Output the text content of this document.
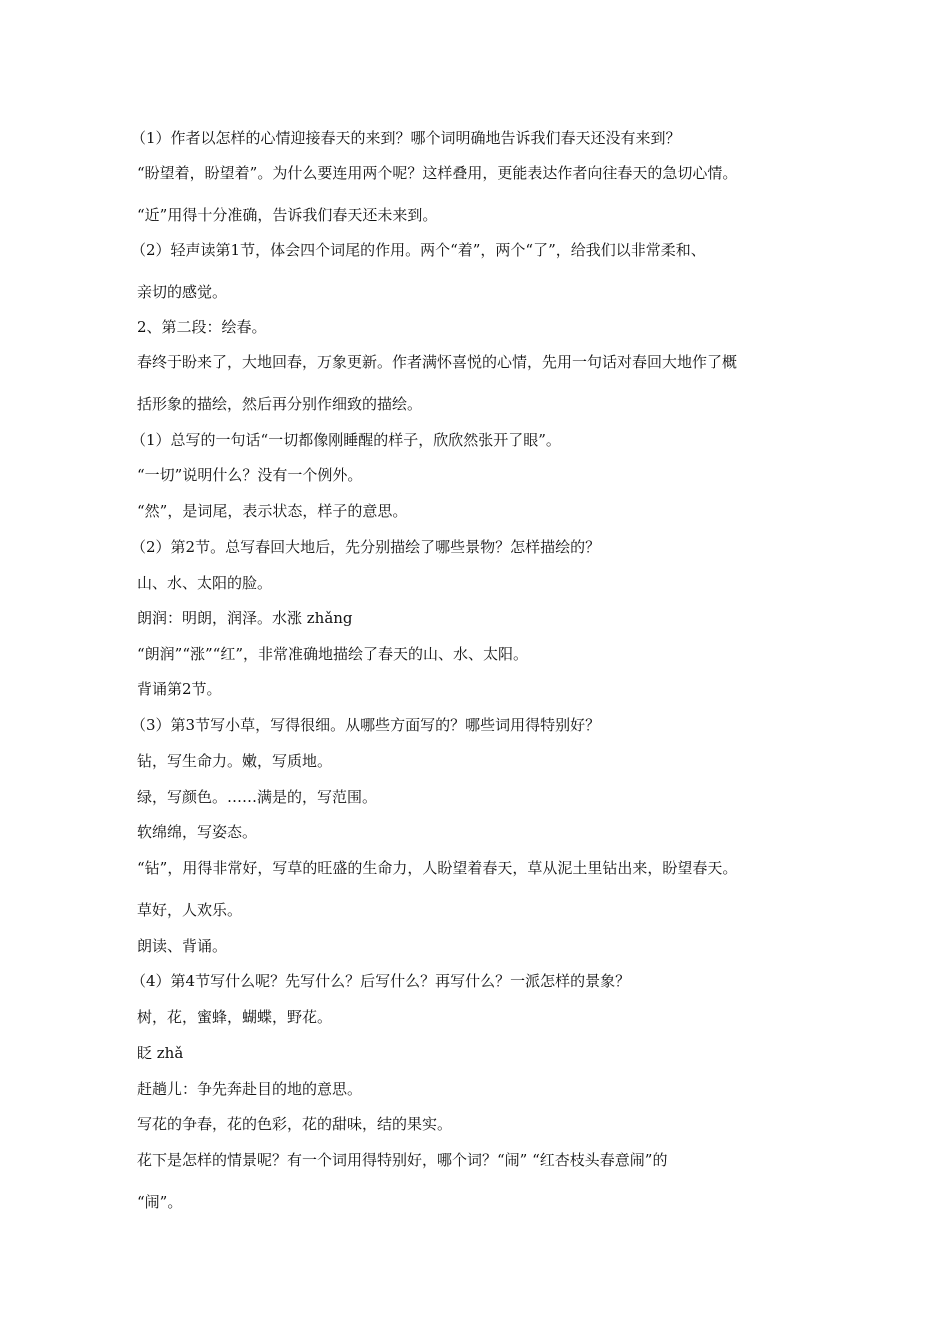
（1）作者以怎样的心情迎接春天的来到？哪个词明确地告诉我们春天还没有来到？
“盼望着，盼望着”。为什么要连用两个呢？这样叠用，更能表达作者向往春天的急切心情。
“近”用得十分准确，告诉我们春天还未来到。
（2）轻声读第1节，体会四个词尾的作用。两个“着”，两个“了”，给我们以非常柔和、
亲切的感觉。
2、第二段：绘春。
春终于盼来了，大地回春，万象更新。作者满怀喜悦的心情，先用一句话对春回大地作了概
括形象的描绘，然后再分别作细致的描绘。
（1）总写的一句话“一切都像刚睡醒的样子，欣欣然张开了眼”。
“一切”说明什么？没有一个例外。
“然”，是词尾，表示状态，样子的意思。
（2）第2节。总写春回大地后，先分别描绘了哪些景物？怎样描绘的？
山、水、太阳的脸。
朗润：明朗，润泽。水涨 zhǎng
“朗润”“涨”“红”，非常准确地描绘了春天的山、水、太阳。
背诵第2节。
（3）第3节写小草，写得很细。从哪些方面写的？哪些词用得特别好？
钻，写生命力。嫩，写质地。
绿，写颜色。……满是的，写范围。
软绵绵，写姿态。
“钻”，用得非常好，写草的旺盛的生命力，人盼望着春天，草从泥土里钻出来，盼望春天。
草好，人欢乐。
朗读、背诵。
（4）第4节写什么呢？先写什么？后写什么？再写什么？一派怎样的景象？
树，花，蜜蜂，蝴蝶，野花。
眨 zhǎ
赶趟儿：争先奔赴目的地的意思。
写花的争春，花的色彩，花的甜味，结的果实。
花下是怎样的情景呢？有一个词用得特别好，哪个词？“闹” “红杏枝头春意闹”的
“闹”。
